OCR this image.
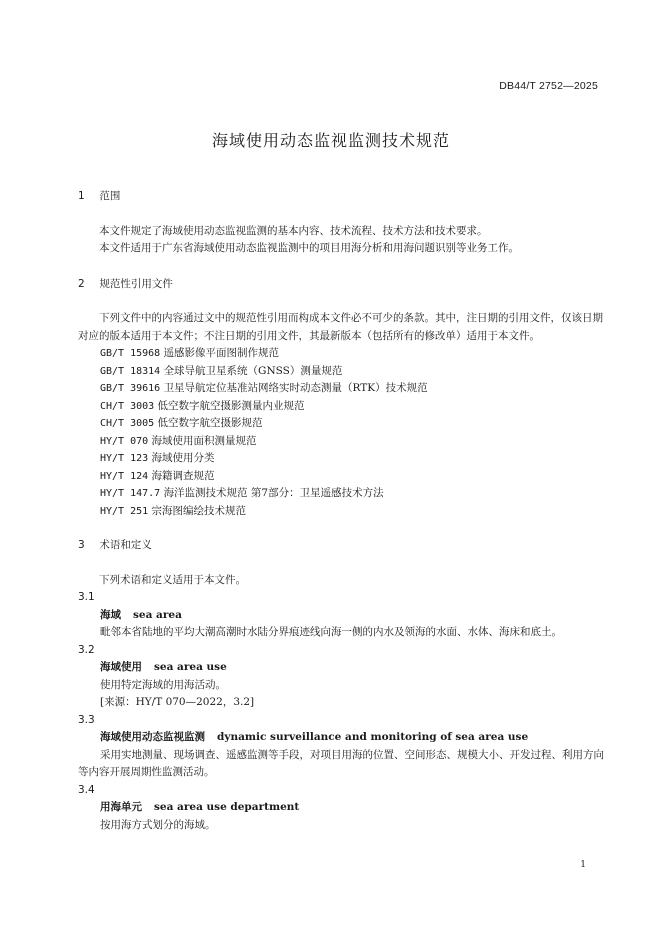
DB44/T 2752—2025
海域使用动态监视监测技术规范
1 范围

本文件规定了海域使用动态监视监测的基本内容、技术流程、技术方法和技术要求。

本文件适用于广东省海域使用动态监视监测中的项目用海分析和用海问题识别等业务工作。

2 规范性引用文件

下列文件中的内容通过文中的规范性引用而构成本文件必不可少的条款。其中，注日期的引用文件，仅该日期对应的版本适用于本文件；不注日期的引用文件，其最新版本（包括所有的修改单）适用于本文件。

GB/T 15968 遥感影像平面图制作规范
GB/T 18314 全球导航卫星系统（GNSS）测量规范
GB/T 39616 卫星导航定位基准站网络实时动态测量（RTK）技术规范
CH/T 3003 低空数字航空摄影测量内业规范
CH/T 3005 低空数字航空摄影规范
HY/T 070 海域使用面积测量规范
HY/T 123 海域使用分类
HY/T 124 海籍调查规范
HY/T 147.7 海洋监测技术规范 第7部分：卫星遥感技术方法
HY/T 251 宗海图编绘技术规范
3 术语和定义

下列术语和定义适用于本文件。

3.1
海域 sea area

毗邻本省陆地的平均大潮高潮时水陆分界痕迹线向海一侧的内水及领海的水面、水体、海床和底土。

3.2
海域使用 sea area use

使用特定海域的用海活动。

[来源：HY/T 070—2022，3.2]

3.3
海域使用动态监视监测 dynamic surveillance and monitoring of sea area use

采用实地测量、现场调查、遥感监测等手段，对项目用海的位置、空间形态、规模大小、开发过程、利用方向等内容开展周期性监测活动。

3.4
用海单元 sea area use department

按用海方式划分的海域。

1
